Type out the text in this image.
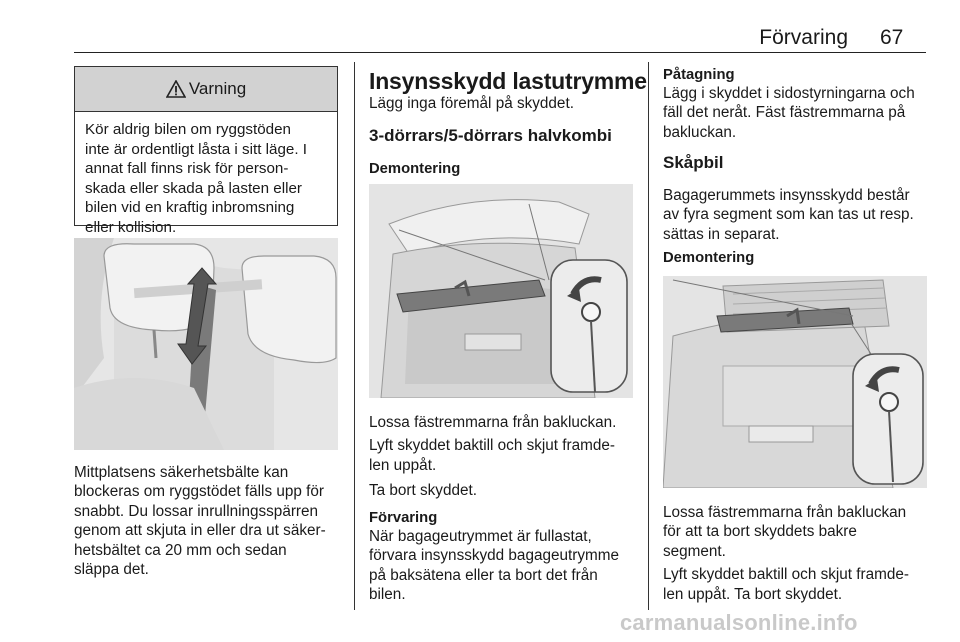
Förvaring 67
Varning
Kör aldrig bilen om ryggstöden
inte är ordentligt låsta i sitt läge. I
annat fall finns risk för person-
skada eller skada på lasten eller
bilen vid en kraftig inbromsning
eller kollision.
Mittplatsens säkerhetsbälte kan
blockeras om ryggstödet fälls upp för
snabbt. Du lossar inrullningsspärren
genom att skjuta in eller dra ut säker-
hetsbältet ca 20 mm och sedan
släppa det.
Insynsskydd lastutrymme
Lägg inga föremål på skyddet.
3-dörrars/5-dörrars halvkombi
Demontering

Lossa fästremmarna från bakluckan.

Lyft skyddet baktill och skjut framde-
len uppåt.

Ta bort skyddet.

Förvaring
När bagageutrymmet är fullastat,
förvara insynsskydd bagageutrymme
på baksätena eller ta bort det från
bilen.
Påtagning
Lägg i skyddet i sidostyrningarna och
fäll det neråt. Fäst fästremmarna på
bakluckan.
Skåpbil
Bagagerummets insynsskydd består
av fyra segment som kan tas ut resp.
sättas in separat.
Demontering

Lossa fästremmarna från bakluckan
för att ta bort skyddets bakre
segment.

Lyft skyddet baktill och skjut framde-
len uppåt. Ta bort skyddet.

carmanualsonline.info
